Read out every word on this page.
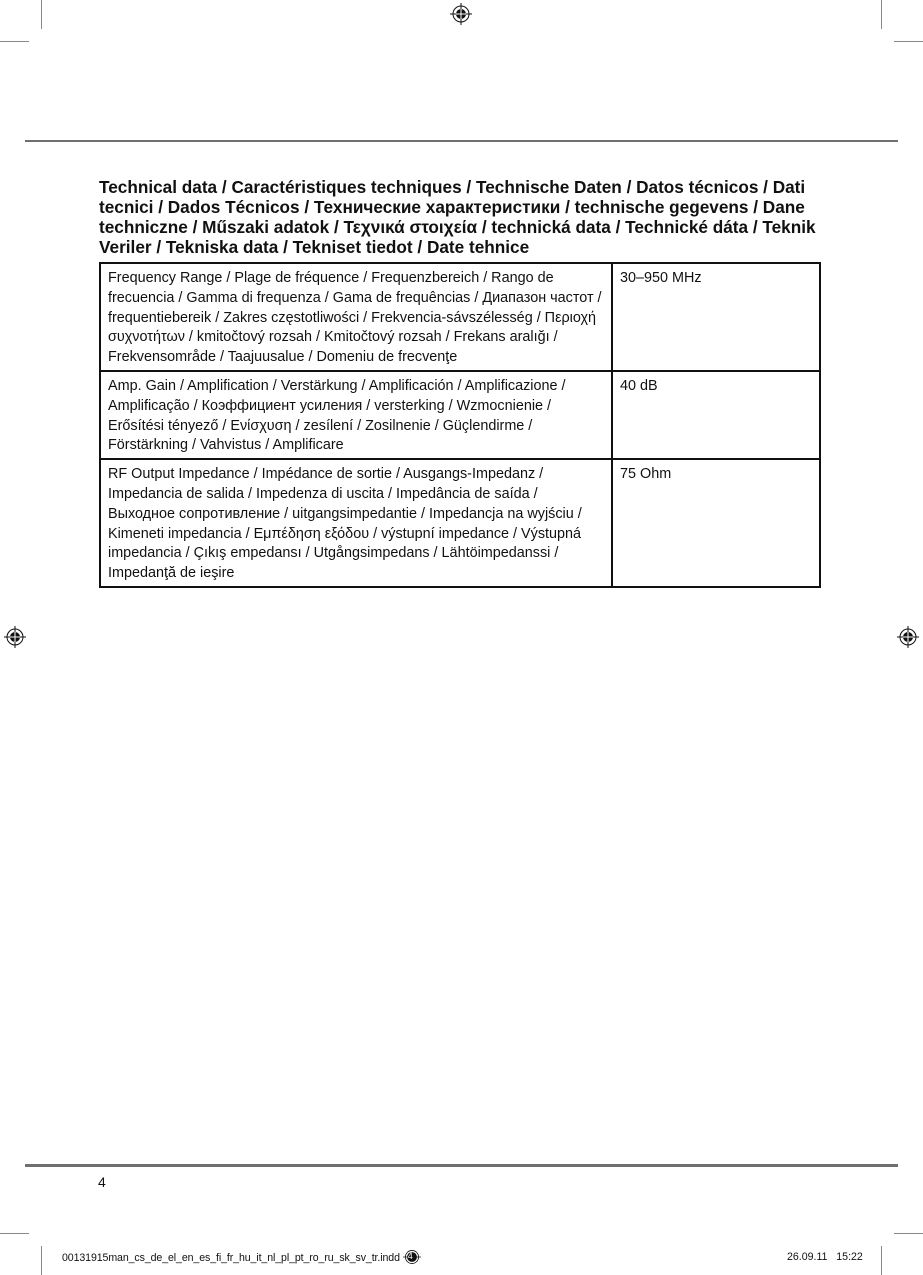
Technical data / Caractéristiques techniques / Technische Daten / Datos técnicos / Dati tecnici / Dados Técnicos / Технические характеристики / technische gegevens / Dane techniczne / Műszaki adatok / Τεχνικά στοιχεία / technická data / Technické dáta / Teknik Veriler / Tekniska data / Tekniset tiedot / Date tehnice
Frequency Range / Plage de fréquence / Frequenzbereich / Rango de frecuencia / Gamma di frequenza / Gama de frequências / Диапазон частот / frequentiebereik / Zakres częstotliwości / Frekvencia-sávszélesség / Περιοχή συχνοτήτων / kmitočtový rozsah / Kmitočtový rozsah / Frekans aralığı / Frekvensområde / Taajuusalue / Domeniu de frecvenţe	30–950 MHz
Amp. Gain / Amplification / Verstärkung / Amplificación / Amplificazione / Amplificação / Коэффициент усиления / versterking / Wzmocnienie / Erősítési tényező / Ενίσχυση / zesílení / Zosilnenie / Güçlendirme / Förstärkning / Vahvistus / Amplificare	40 dB
RF Output Impedance / Impédance de sortie / Ausgangs-Impedanz / Impedancia de salida / Impedenza di uscita / Impedância de saída / Выходное сопротивление / uitgangsimpedantie / Impedancja na wyjściu / Kimeneti impedancia / Εμπέδηση εξόδου / výstupní impedance / Výstupná impedancia / Çıkış empedansı / Utgångsimpedans / Lähtöimpedanssi / Impedanţă de ieşire	75 Ohm
4
00131915man_cs_de_el_en_es_fi_fr_hu_it_nl_pl_pt_ro_ru_sk_sv_tr.indd 4	26.09.11   15:22
